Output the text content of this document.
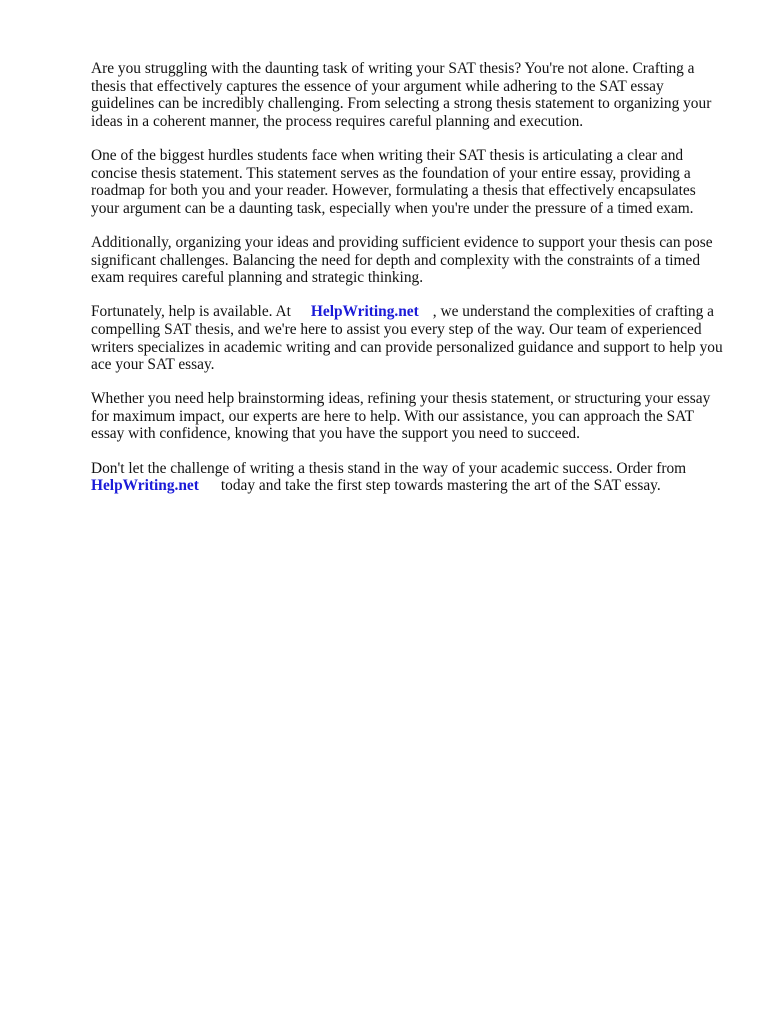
Are you struggling with the daunting task of writing your SAT thesis? You're not alone. Crafting a thesis that effectively captures the essence of your argument while adhering to the SAT essay guidelines can be incredibly challenging. From selecting a strong thesis statement to organizing your ideas in a coherent manner, the process requires careful planning and execution.

One of the biggest hurdles students face when writing their SAT thesis is articulating a clear and concise thesis statement. This statement serves as the foundation of your entire essay, providing a roadmap for both you and your reader. However, formulating a thesis that effectively encapsulates your argument can be a daunting task, especially when you're under the pressure of a timed exam.

Additionally, organizing your ideas and providing sufficient evidence to support your thesis can pose significant challenges. Balancing the need for depth and complexity with the constraints of a timed exam requires careful planning and strategic thinking.

Fortunately, help is available. At HelpWriting.net , we understand the complexities of crafting a compelling SAT thesis, and we're here to assist you every step of the way. Our team of experienced writers specializes in academic writing and can provide personalized guidance and support to help you ace your SAT essay.

Whether you need help brainstorming ideas, refining your thesis statement, or structuring your essay for maximum impact, our experts are here to help. With our assistance, you can approach the SAT essay with confidence, knowing that you have the support you need to succeed.

Don't let the challenge of writing a thesis stand in the way of your academic success. Order from HelpWriting.net today and take the first step towards mastering the art of the SAT essay.
